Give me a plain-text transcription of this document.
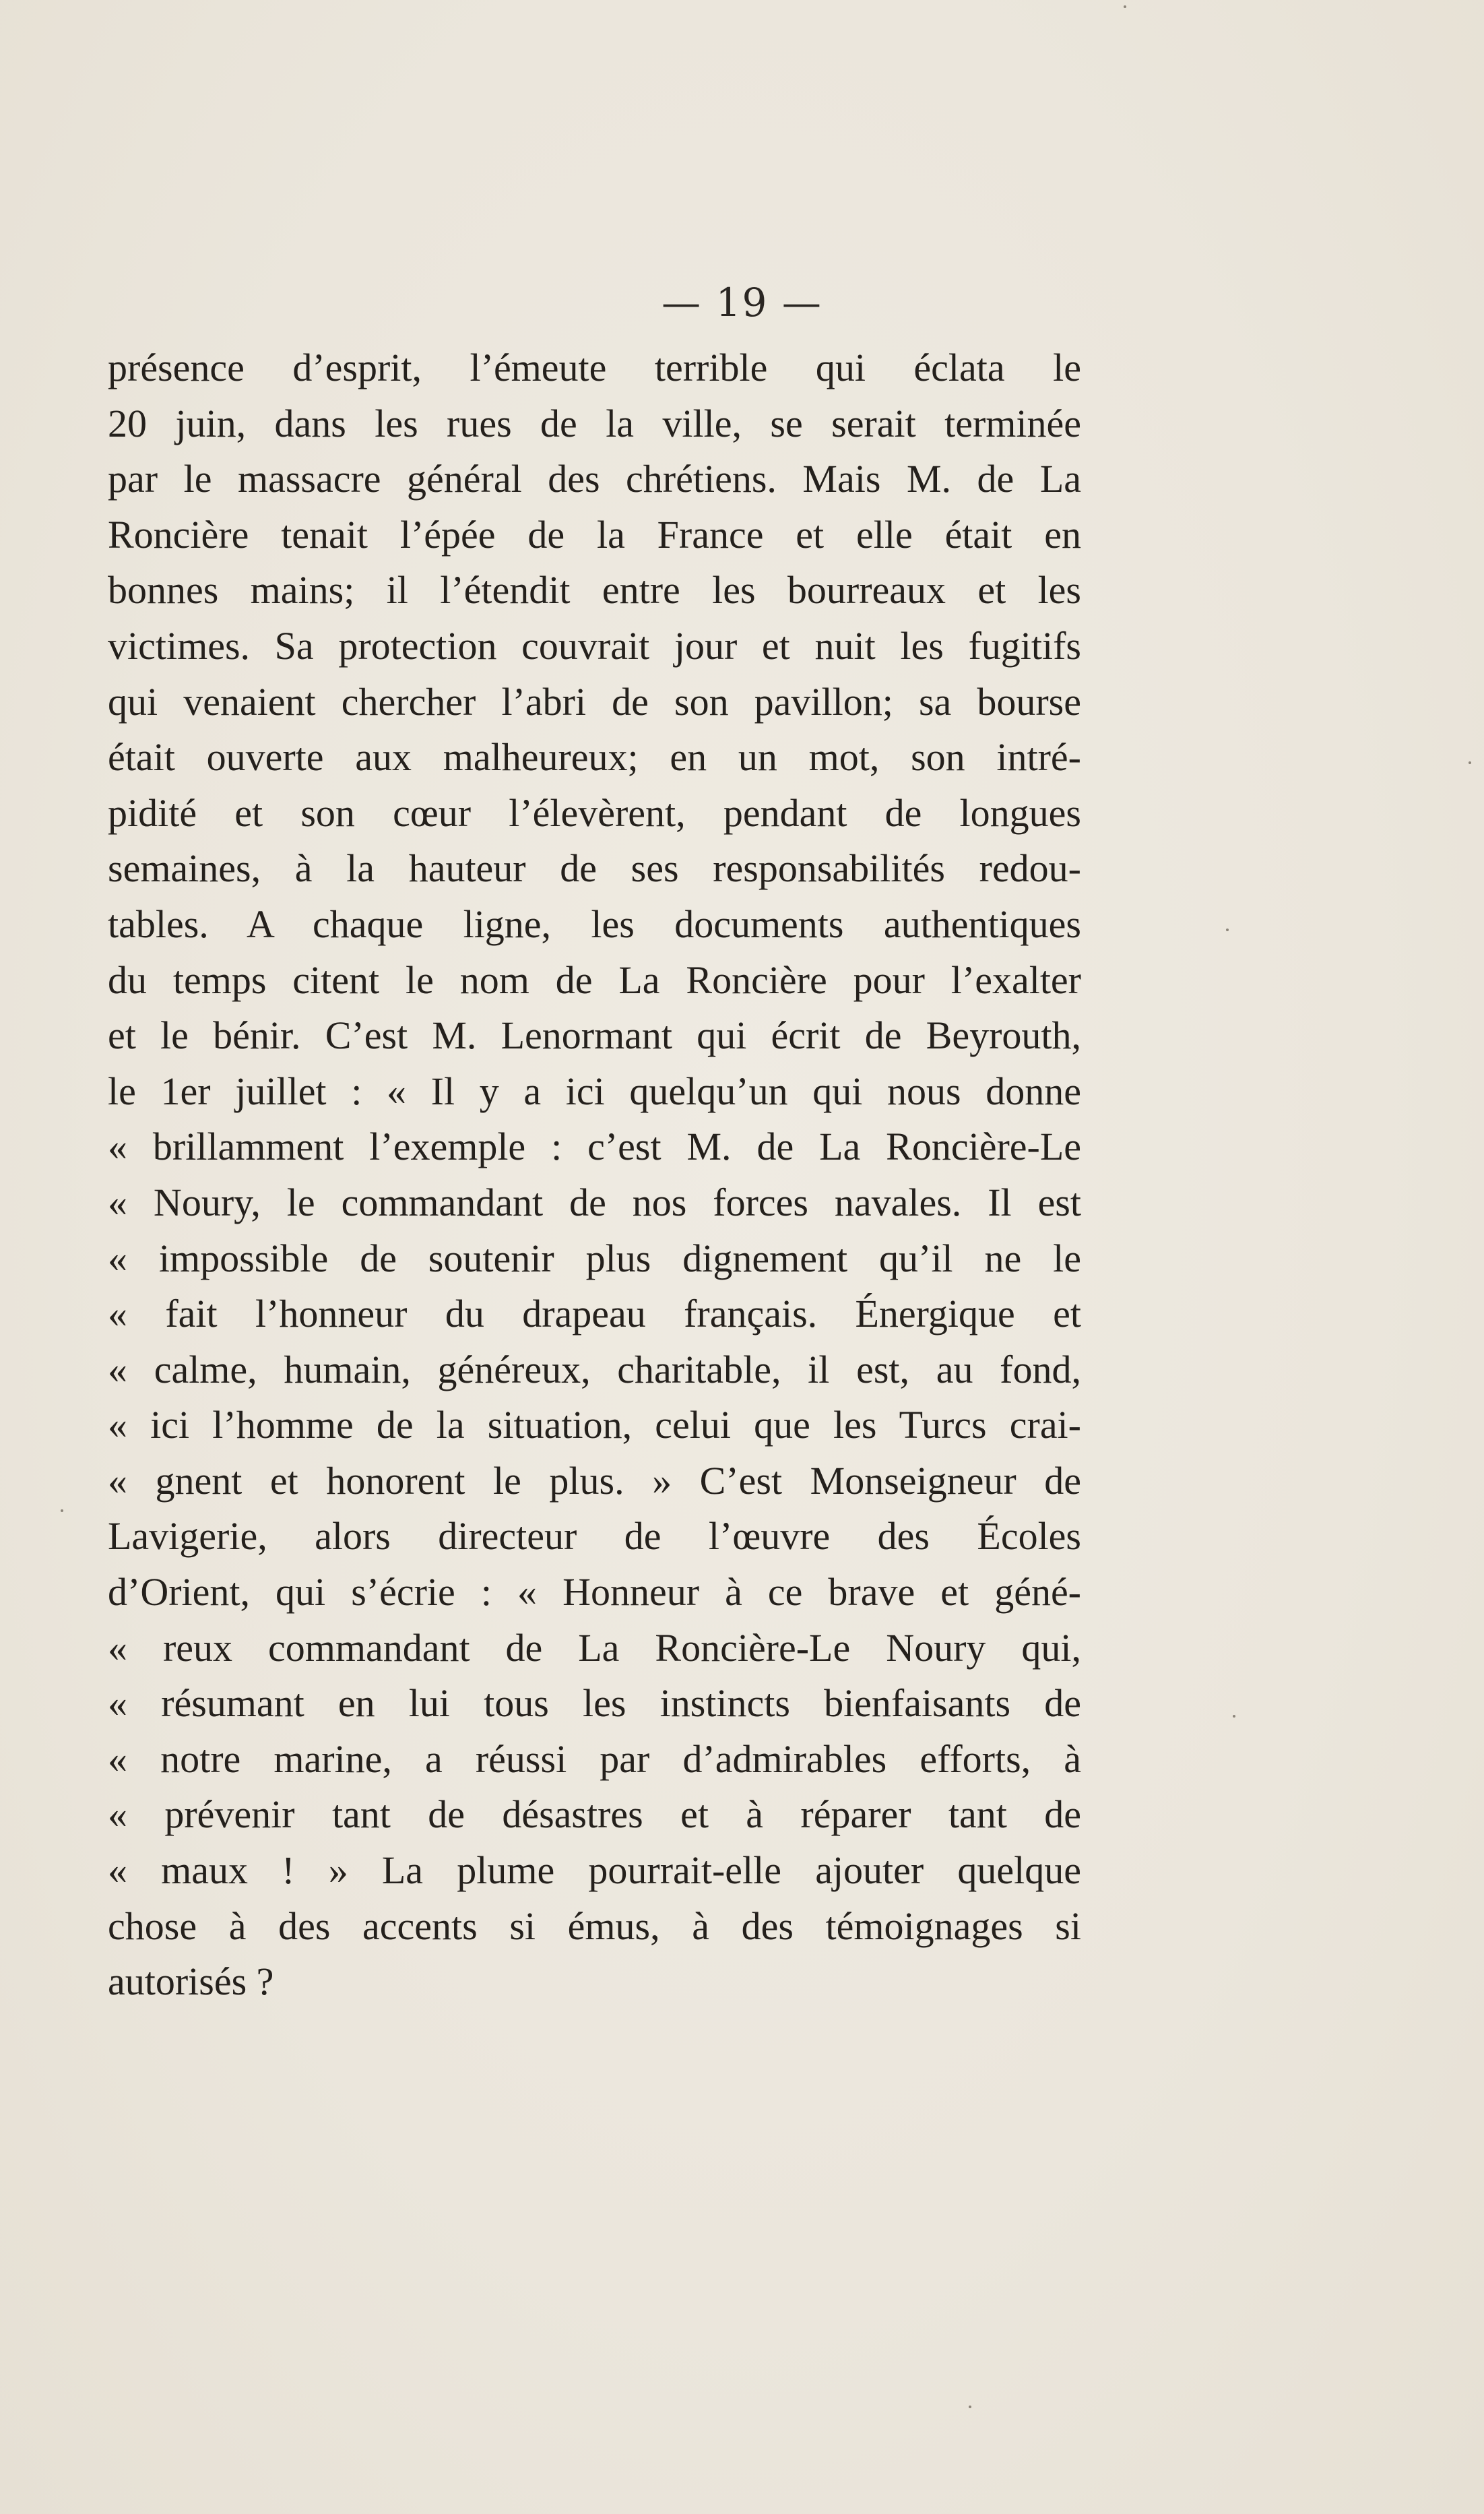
— 19 —
présence d’esprit, l’émeute terrible qui éclata le
20 juin, dans les rues de la ville, se serait terminée
par le massacre général des chrétiens. Mais M. de La
Roncière tenait l’épée de la France et elle était en
bonnes mains; il l’étendit entre les bourreaux et les
victimes. Sa protection couvrait jour et nuit les fugitifs
qui venaient chercher l’abri de son pavillon; sa bourse
était ouverte aux malheureux; en un mot, son intré-
pidité et son cœur l’élevèrent, pendant de longues
semaines, à la hauteur de ses responsabilités redou-
tables. A chaque ligne, les documents authentiques
du temps citent le nom de La Roncière pour l’exalter
et le bénir. C’est M. Lenormant qui écrit de Beyrouth,
le 1er juillet : « Il y a ici quelqu’un qui nous donne
« brillamment l’exemple : c’est M. de La Roncière-Le
« Noury, le commandant de nos forces navales. Il est
« impossible de soutenir plus dignement qu’il ne le
« fait l’honneur du drapeau français. Énergique et
« calme, humain, généreux, charitable, il est, au fond,
« ici l’homme de la situation, celui que les Turcs crai-
« gnent et honorent le plus. » C’est Monseigneur de
Lavigerie, alors directeur de l’œuvre des Écoles
d’Orient, qui s’écrie : « Honneur à ce brave et géné-
« reux commandant de La Roncière-Le Noury qui,
« résumant en lui tous les instincts bienfaisants de
« notre marine, a réussi par d’admirables efforts, à
« prévenir tant de désastres et à réparer tant de
« maux ! » La plume pourrait-elle ajouter quelque
chose à des accents si émus, à des témoignages si
autorisés ?
